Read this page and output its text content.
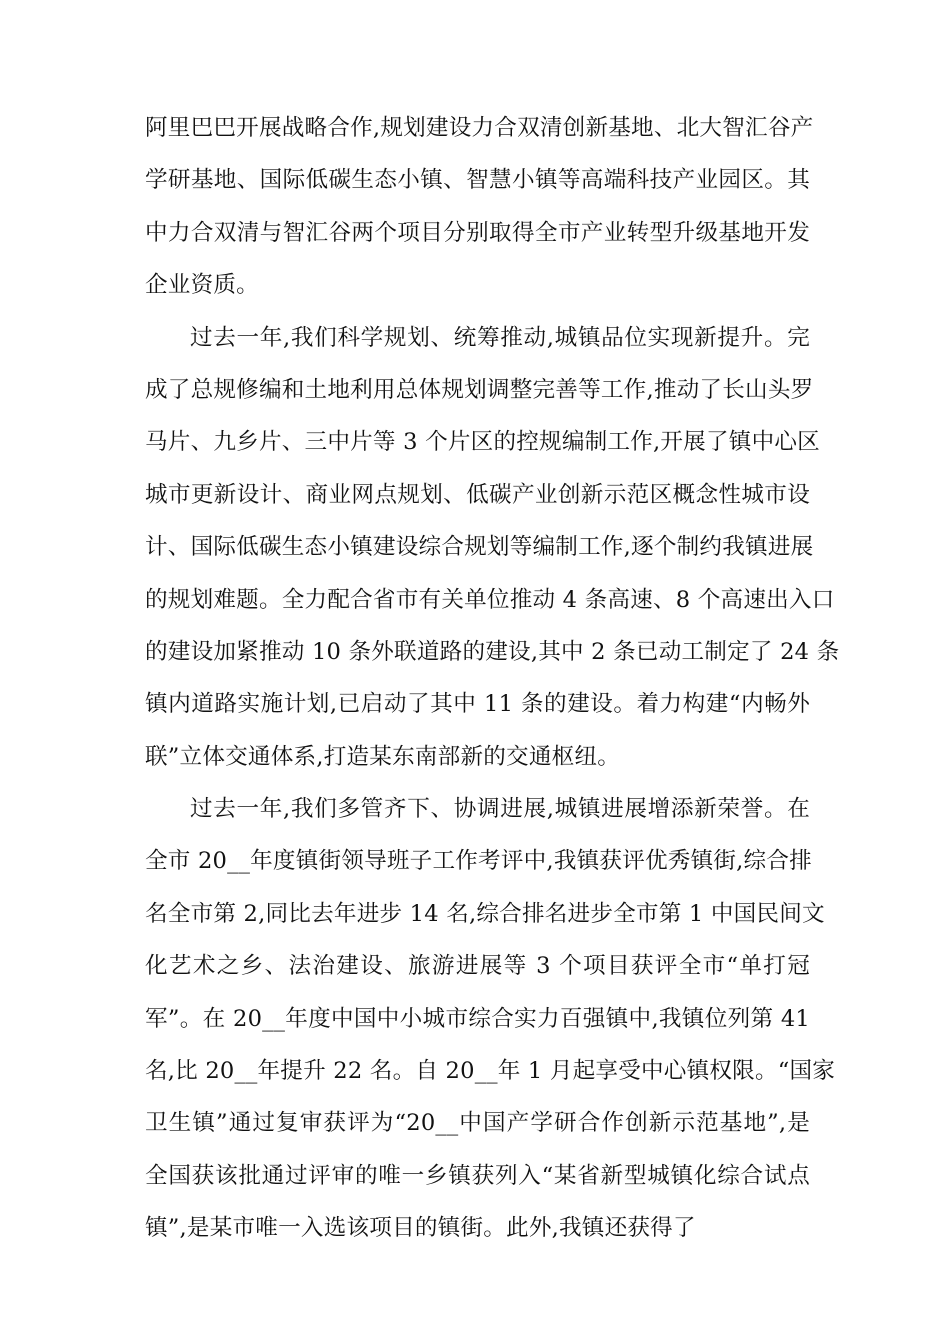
阿里巴巴开展战略合作,规划建设力合双清创新基地、北大智汇谷产
学研基地、国际低碳生态小镇、智慧小镇等高端科技产业园区。其
中力合双清与智汇谷两个项目分别取得全市产业转型升级基地开发
企业资质。
过去一年,我们科学规划、统筹推动,城镇品位实现新提升。完
成了总规修编和土地利用总体规划调整完善等工作,推动了长山头罗
马片、九乡片、三中片等 3 个片区的控规编制工作,开展了镇中心区
城市更新设计、商业网点规划、低碳产业创新示范区概念性城市设
计、国际低碳生态小镇建设综合规划等编制工作,逐个制约我镇进展
的规划难题。全力配合省市有关单位推动 4 条高速、8 个高速出入口
的建设加紧推动 10 条外联道路的建设,其中 2 条已动工制定了 24 条
镇内道路实施计划,已启动了其中 11 条的建设。着力构建“内畅外
联”立体交通体系,打造某东南部新的交通枢纽。
过去一年,我们多管齐下、协调进展,城镇进展增添新荣誉。在
全市 20__年度镇街领导班子工作考评中,我镇获评优秀镇街,综合排
名全市第 2,同比去年进步 14 名,综合排名进步全市第 1 中国民间文
化艺术之乡、法治建设、旅游进展等 3 个项目获评全市“单打冠
军”。在 20__年度中国中小城市综合实力百强镇中,我镇位列第 41
名,比 20__年提升 22 名。自 20__年 1 月起享受中心镇权限。“国家
卫生镇”通过复审获评为“20__中国产学研合作创新示范基地”,是
全国获该批通过评审的唯一乡镇获列入“某省新型城镇化综合试点
镇”,是某市唯一入选该项目的镇街。此外,我镇还获得了
